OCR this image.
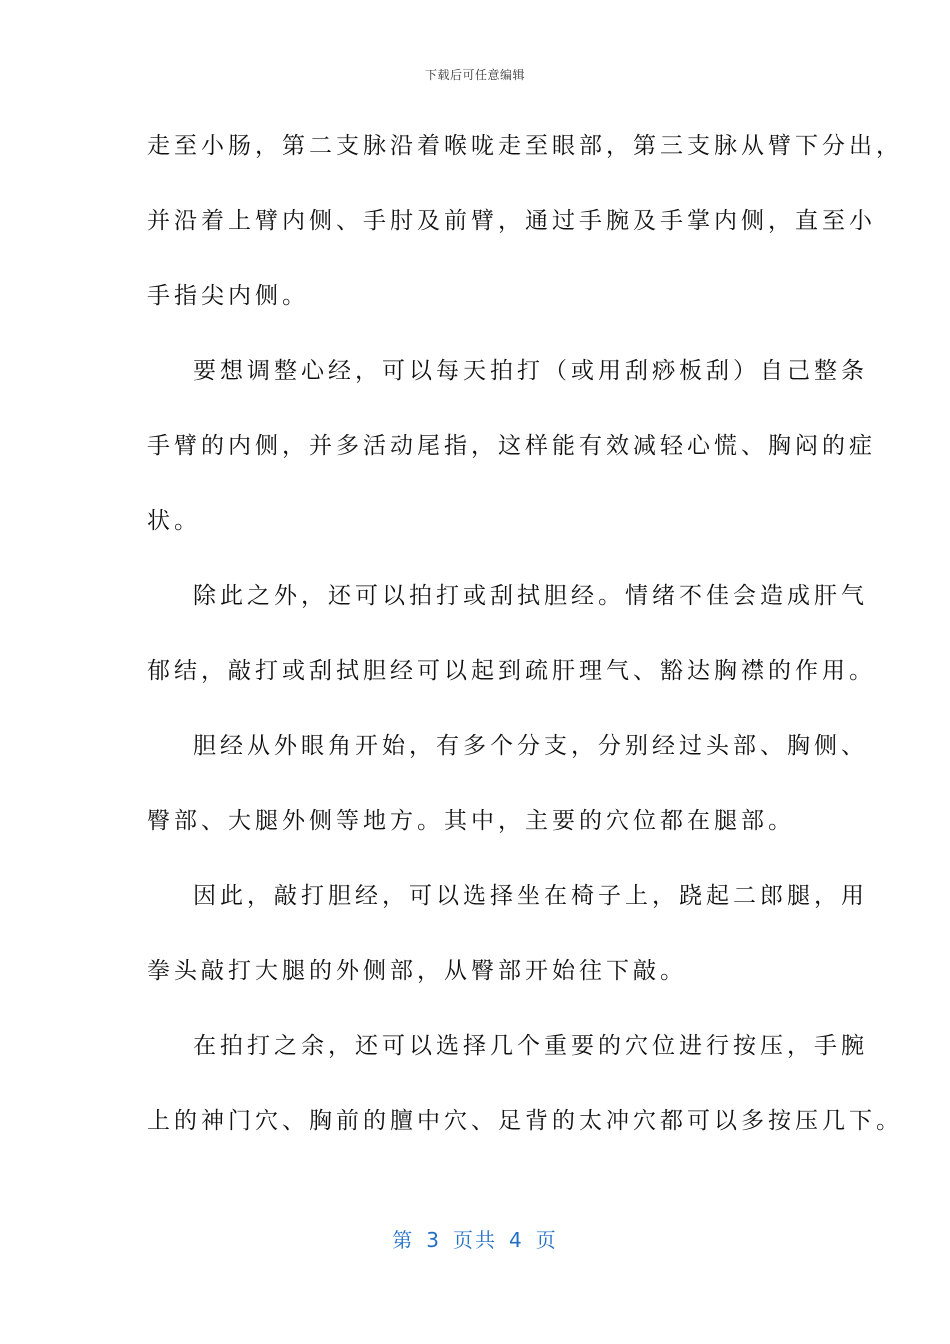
下载后可任意编辑
走至小肠，第二支脉沿着喉咙走至眼部，第三支脉从臂下分出，
并沿着上臂内侧、手肘及前臂，通过手腕及手掌内侧，直至小
手指尖内侧。
要想调整心经，可以每天拍打（或用刮痧板刮）自己整条
手臂的内侧，并多活动尾指，这样能有效减轻心慌、胸闷的症
状。
除此之外，还可以拍打或刮拭胆经。情绪不佳会造成肝气
郁结，敲打或刮拭胆经可以起到疏肝理气、豁达胸襟的作用。
胆经从外眼角开始，有多个分支，分别经过头部、胸侧、
臀部、大腿外侧等地方。其中，主要的穴位都在腿部。
因此，敲打胆经，可以选择坐在椅子上，跷起二郎腿，用
拳头敲打大腿的外侧部，从臀部开始往下敲。
在拍打之余，还可以选择几个重要的穴位进行按压，手腕
上的神门穴、胸前的膻中穴、足背的太冲穴都可以多按压几下。
第 3 页共 4 页
